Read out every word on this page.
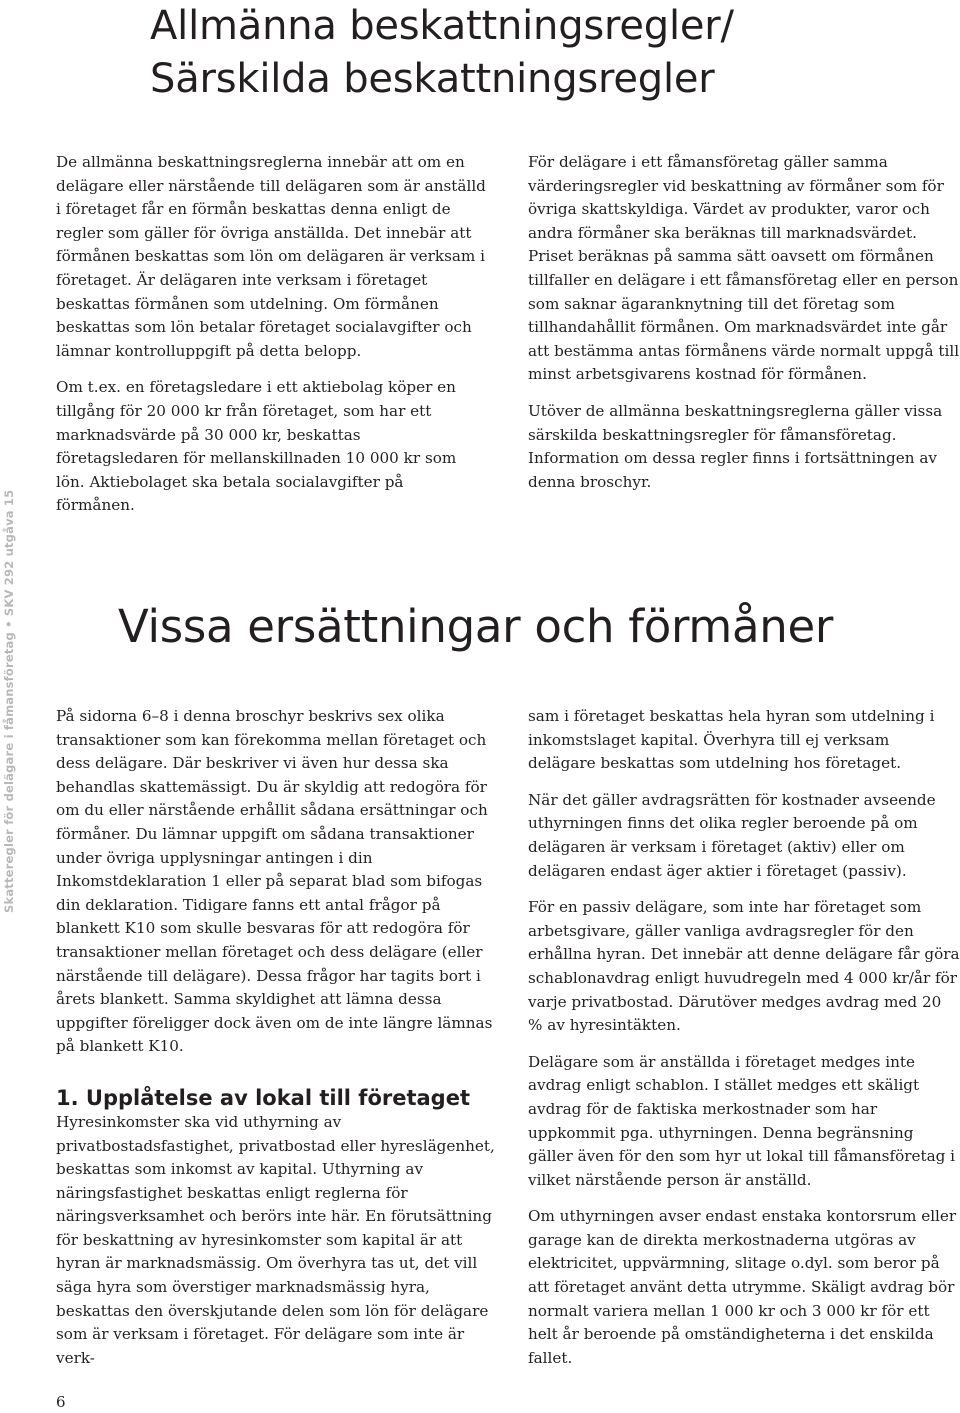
Allmänna beskattningsregler/
Särskilda beskattningsregler
Skatteregler för delägare i fåmansföretag • SKV 292 utgåva 15

De allmänna beskattningsreglerna innebär att om en delägare eller närstående till delägaren som är anställd i företaget får en förmån beskattas denna enligt de regler som gäller för övriga anställda. Det innebär att förmånen beskattas som lön om delägaren är verksam i företaget. Är delägaren inte verksam i företaget beskattas förmånen som utdelning. Om förmånen beskattas som lön betalar företaget socialavgifter och lämnar kontrolluppgift på detta belopp.

Om t.ex. en företagsledare i ett aktiebolag köper en tillgång för 20 000 kr från företaget, som har ett marknadsvärde på 30 000 kr, beskattas företagsledaren för mellanskillnaden 10 000 kr som lön. Aktiebolaget ska betala socialavgifter på förmånen.

För delägare i ett fåmansföretag gäller samma värderingsregler vid beskattning av förmåner som för övriga skattskyldiga. Värdet av produkter, varor och andra förmåner ska beräknas till marknadsvärdet. Priset beräknas på samma sätt oavsett om förmånen tillfaller en delägare i ett fåmansföretag eller en person som saknar ägaranknytning till det företag som tillhandahållit förmånen. Om marknadsvärdet inte går att bestämma antas förmånens värde normalt uppgå till minst arbetsgivarens kostnad för förmånen.

Utöver de allmänna beskattningsreglerna gäller vissa särskilda beskattningsregler för fåmansföretag. Information om dessa regler finns i fortsättningen av denna broschyr.

Vissa ersättningar och förmåner

På sidorna 6–8 i denna broschyr beskrivs sex olika transaktioner som kan förekomma mellan företaget och dess delägare. Där beskriver vi även hur dessa ska behandlas skattemässigt. Du är skyldig att redogöra för om du eller närstående erhållit sådana ersättningar och förmåner. Du lämnar uppgift om sådana transaktioner under övriga upplysningar antingen i din Inkomstdeklaration 1 eller på separat blad som bifogas din deklaration. Tidigare fanns ett antal frågor på blankett K10 som skulle besvaras för att redogöra för transaktioner mellan företaget och dess delägare (eller närstående till delägare). Dessa frågor har tagits bort i årets blankett. Samma skyldighet att lämna dessa uppgifter föreligger dock även om de inte längre lämnas på blankett K10.

1. Upplåtelse av lokal till företaget

Hyresinkomster ska vid uthyrning av privatbostadsfastighet, privatbostad eller hyreslägenhet, beskattas som inkomst av kapital. Uthyrning av näringsfastighet beskattas enligt reglerna för näringsverksamhet och berörs inte här. En förutsättning för beskattning av hyresinkomster som kapital är att hyran är marknadsmässig. Om överhyra tas ut, det vill säga hyra som överstiger marknadsmässig hyra, beskattas den överskjutande delen som lön för delägare som är verksam i företaget. För delägare som inte är verk-

sam i företaget beskattas hela hyran som utdelning i inkomstslaget kapital. Överhyra till ej verksam delägare beskattas som utdelning hos företaget.

När det gäller avdragsrätten för kostnader avseende uthyrningen finns det olika regler beroende på om delägaren är verksam i företaget (aktiv) eller om delägaren endast äger aktier i företaget (passiv).

För en passiv delägare, som inte har företaget som arbetsgivare, gäller vanliga avdragsregler för den erhållna hyran. Det innebär att denne delägare får göra schablonavdrag enligt huvudregeln med 4 000 kr/år för varje privatbostad. Därutöver medges avdrag med 20 % av hyresintäkten.

Delägare som är anställda i företaget medges inte avdrag enligt schablon. I stället medges ett skäligt avdrag för de faktiska merkostnader som har uppkommit pga. uthyrningen. Denna begränsning gäller även för den som hyr ut lokal till fåmansföretag i vilket närstående person är anställd.

Om uthyrningen avser endast enstaka kontorsrum eller garage kan de direkta merkostnaderna utgöras av elektricitet, uppvärmning, slitage o.dyl. som beror på att företaget använt detta utrymme. Skäligt avdrag bör normalt variera mellan 1 000 kr och 3 000 kr för ett helt år beroende på omständigheterna i det enskilda fallet.

6
